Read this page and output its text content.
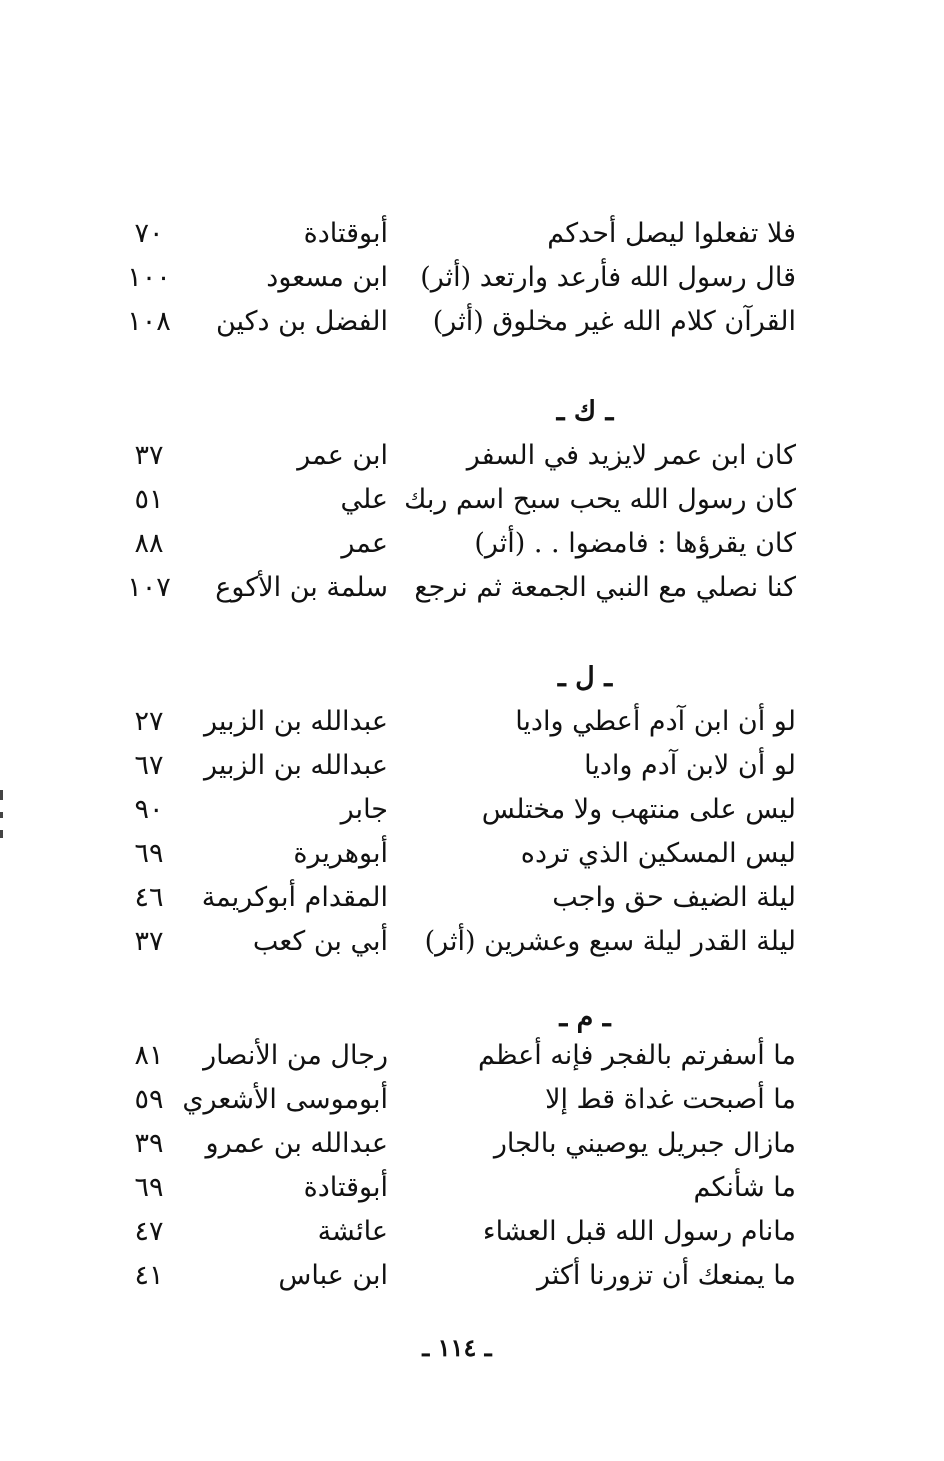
فلا تفعلوا ليصل أحدكم
أبوقتادة
٧٠
قال رسول الله فأرعد وارتعد (أثر)
ابن مسعود
١٠٠
القرآن كلام الله غير مخلوق (أثر)
الفضل بن دكين
١٠٨
ـ ك ـ
كان ابن عمر لايزيد في السفر
ابن عمر
٣٧
كان رسول الله يحب سبح اسم ربك
علي
٥١
كان يقرؤها : فامضوا . . (أثر)
عمر
٨٨
كنا نصلي مع النبي الجمعة ثم نرجع
سلمة بن الأكوع
١٠٧
ـ ل ـ
لو أن ابن آدم أعطي واديا
عبدالله بن الزبير
٢٧
لو أن لابن آدم واديا
عبدالله بن الزبير
٦٧
ليس على منتهب ولا مختلس
جابر
٩٠
ليس المسكين الذي ترده
أبوهريرة
٦٩
ليلة الضيف حق واجب
المقدام أبوكريمة
٤٦
ليلة القدر ليلة سبع وعشرين (أثر)
أبي بن كعب
٣٧
ـ م ـ
ما أسفرتم بالفجر فإنه أعظم
رجال من الأنصار
٨١
ما أصبحت غداة قط إلا
أبوموسى الأشعري
٥٩
مازال جبريل يوصيني بالجار
عبدالله بن عمرو
٣٩
ما شأنكم
أبوقتادة
٦٩
مانام رسول الله قبل العشاء
عائشة
٤٧
ما يمنعك أن تزورنا أكثر
ابن عباس
٤١
ـ ١١٤ ـ
